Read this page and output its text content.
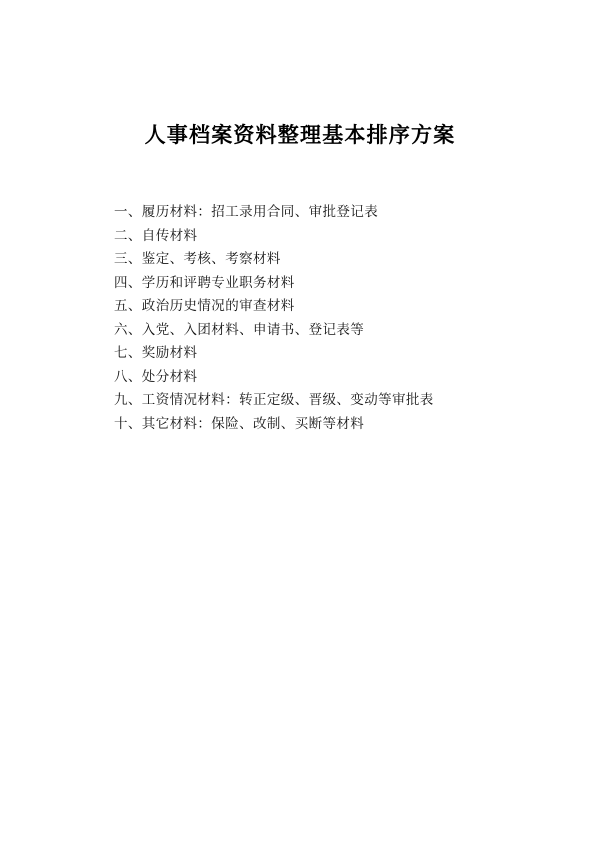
人事档案资料整理基本排序方案
一、履历材料：招工录用合同、审批登记表
二、自传材料
三、鉴定、考核、考察材料
四、学历和评聘专业职务材料
五、政治历史情况的审查材料
六、入党、入团材料、申请书、登记表等
七、奖励材料
八、处分材料
九、工资情况材料：转正定级、晋级、变动等审批表
十、其它材料：保险、改制、买断等材料
